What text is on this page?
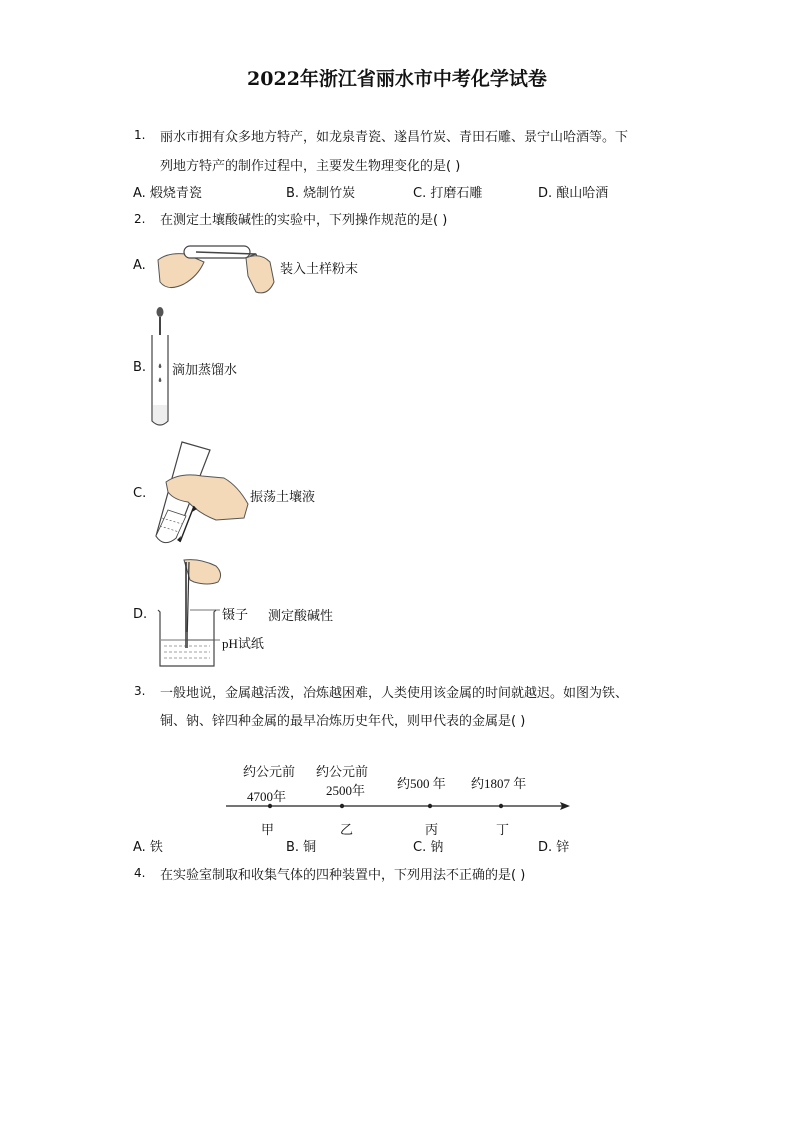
2022年浙江省丽水市中考化学试卷
1. 丽水市拥有众多地方特产，如龙泉青瓷、遂昌竹炭、青田石雕、景宁山哈酒等。下
列地方特产的制作过程中，主要发生物理变化的是( )
A. 煅烧青瓷	B. 烧制竹炭	C. 打磨石雕	D. 酿山哈酒
2. 在测定土壤酸碱性的实验中，下列操作规范的是( )
A.	装入土样粉末
B. 滴加蒸馏水
C.	振荡土壤液
D.	镊子 测定酸碱性
pH试纸
3. 一般地说，金属越活泼，冶炼越困难，人类使用该金属的时间就越迟。如图为铁、
铜、钠、锌四种金属的最早冶炼历史年代，则甲代表的金属是( )
约公元前
4700年
甲
约公元前
2500年
乙
约500 年
丙
约1807 年
丁
A. 铁	B. 铜	C. 钠	D. 锌
4. 在实验室制取和收集气体的四种装置中，下列用法不正确的是( )
